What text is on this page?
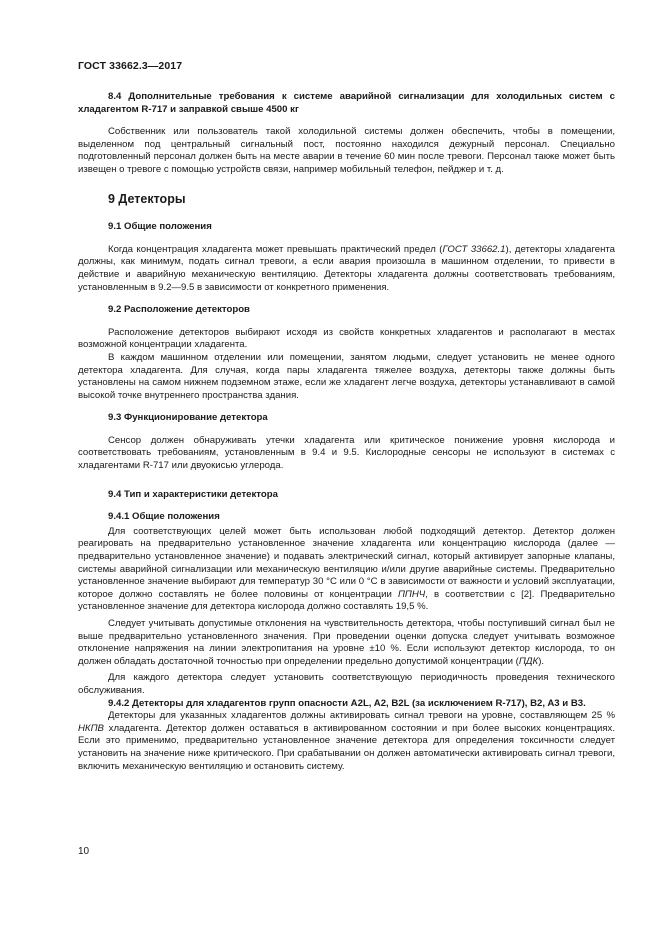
ГОСТ 33662.3—2017
8.4 Дополнительные требования к системе аварийной сигнализации для холодильных систем с хладагентом R-717 и заправкой свыше 4500 кг

Собственник или пользователь такой холодильной системы должен обеспечить, чтобы в помещении, выделенном под центральный сигнальный пост, постоянно находился дежурный персонал. Специально подготовленный персонал должен быть на месте аварии в течение 60 мин после тревоги. Персонал также может быть извещен о тревоге с помощью устройств связи, например мобильный телефон, пейджер и т. д.

9 Детекторы
9.1 Общие положения

Когда концентрация хладагента может превышать практический предел (ГОСТ 33662.1), детекторы хладагента должны, как минимум, подать сигнал тревоги, а если авария произошла в машинном отделении, то привести в действие и аварийную механическую вентиляцию. Детекторы хладагента должны соответствовать требованиям, установленным в 9.2—9.5 в зависимости от конкретного применения.

9.2 Расположение детекторов

Расположение детекторов выбирают исходя из свойств конкретных хладагентов и располагают в местах возможной концентрации хладагента.

В каждом машинном отделении или помещении, занятом людьми, следует установить не менее одного детектора хладагента. Для случая, когда пары хладагента тяжелее воздуха, детекторы также должны быть установлены на самом нижнем подземном этаже, если же хладагент легче воздуха, детекторы устанавливают в самой высокой точке внутреннего пространства здания.

9.3 Функционирование детектора

Сенсор должен обнаруживать утечки хладагента или критическое понижение уровня кислорода и соответствовать требованиям, установленным в 9.4 и 9.5. Кислородные сенсоры не используют в системах с хладагентами R-717 или двуокисью углерода.

9.4 Тип и характеристики детектора
9.4.1 Общие положения

Для соответствующих целей может быть использован любой подходящий детектор. Детектор должен реагировать на предварительно установленное значение хладагента или концентрацию кислорода (далее — предварительно установленное значение) и подавать электрический сигнал, который активирует запорные клапаны, системы аварийной сигнализации или механическую вентиляцию и/или другие аварийные системы. Предварительно установленное значение выбирают для температур 30 °С или 0 °С в зависимости от важности и условий эксплуатации, которое должно составлять не более половины от концентрации ППНЧ, в соответствии с [2]. Предварительно установленное значение для детектора кислорода должно составлять 19,5 %.

Следует учитывать допустимые отклонения на чувствительность детектора, чтобы поступивший сигнал был не выше предварительно установленного значения. При проведении оценки допуска следует учитывать возможное отклонение напряжения на линии электропитания на уровне ±10 %. Если используют детектор кислорода, то он должен обладать достаточной точностью при определении предельно допустимой концентрации (ПДК).

Для каждого детектора следует установить соответствующую периодичность проведения технического обслуживания.

9.4.2 Детекторы для хладагентов групп опасности A2L, A2, B2L (за исключением R-717), B2, A3 и B3.

Детекторы для указанных хладагентов должны активировать сигнал тревоги на уровне, составляющем 25 % НКПВ хладагента. Детектор должен оставаться в активированном состоянии и при более высоких концентрациях. Если это применимо, предварительно установленное значение детектора для определения токсичности следует установить на значение ниже критического. При срабатывании он должен автоматически активировать сигнал тревоги, включить механическую вентиляцию и остановить систему.

10
